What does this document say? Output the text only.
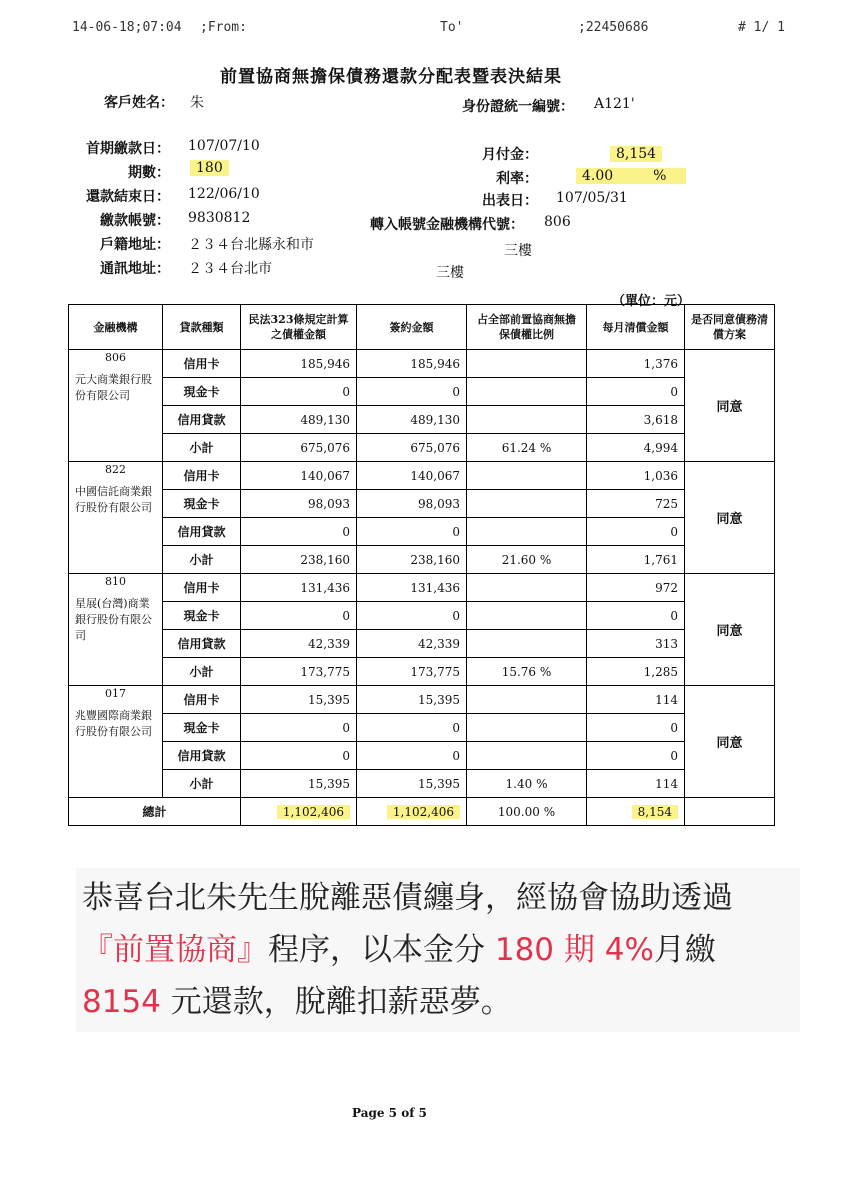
14-06-18;07:04 ;From:	To'	;22450686	# 1/ 1
前置協商無擔保債務還款分配表暨表決結果
客戶姓名： 朱	身份證統一編號： A121'
首期繳款日： 107/07/10
期數：	180
還款結束日： 122/06/10
繳款帳號： 9830812
戶籍地址： ２３４台北縣永和市
通訊地址： ２３４台北市
月付金：	8,154
利率：	4.00	%
出表日： 107/05/31
轉入帳號金融機構代號： 806
三樓
三樓
（單位：元）
金融機構	貸款種類	民法323條規定計算之債權金額	簽約金額	占全部前置協商無擔保債權比例	每月清償金額	是否同意債務清償方案

806
元大商業銀行股份有限公司	信用卡	185,946	185,946		1,376	同意
	現金卡	0	0		0	
	信用貸款	489,130	489,130		3,618	
	小計	675,076	675,076	61.24 %	4,994	

822
中國信託商業銀行股份有限公司	信用卡	140,067	140,067		1,036	同意
	現金卡	98,093	98,093		725	
	信用貸款	0	0		0	
	小計	238,160	238,160	21.60 %	1,761	

810
星展(台灣)商業銀行股份有限公司	信用卡	131,436	131,436		972	同意
	現金卡	0	0		0	
	信用貸款	42,339	42,339		313	
	小計	173,775	173,775	15.76 %	1,285	

017
兆豐國際商業銀行股份有限公司	信用卡	15,395	15,395		114	同意
	現金卡	0	0		0	
	信用貸款	0	0		0	
	小計	15,395	15,395	1.40 %	114	
總計		1,102,406	1,102,406	100.00 %	8,154	
恭喜台北朱先生脫離惡債纏身，經協會協助透過『前置協商』程序，以本金分 180 期 4%月繳 8154 元還款，脫離扣薪惡夢。
Page 5 of 5
